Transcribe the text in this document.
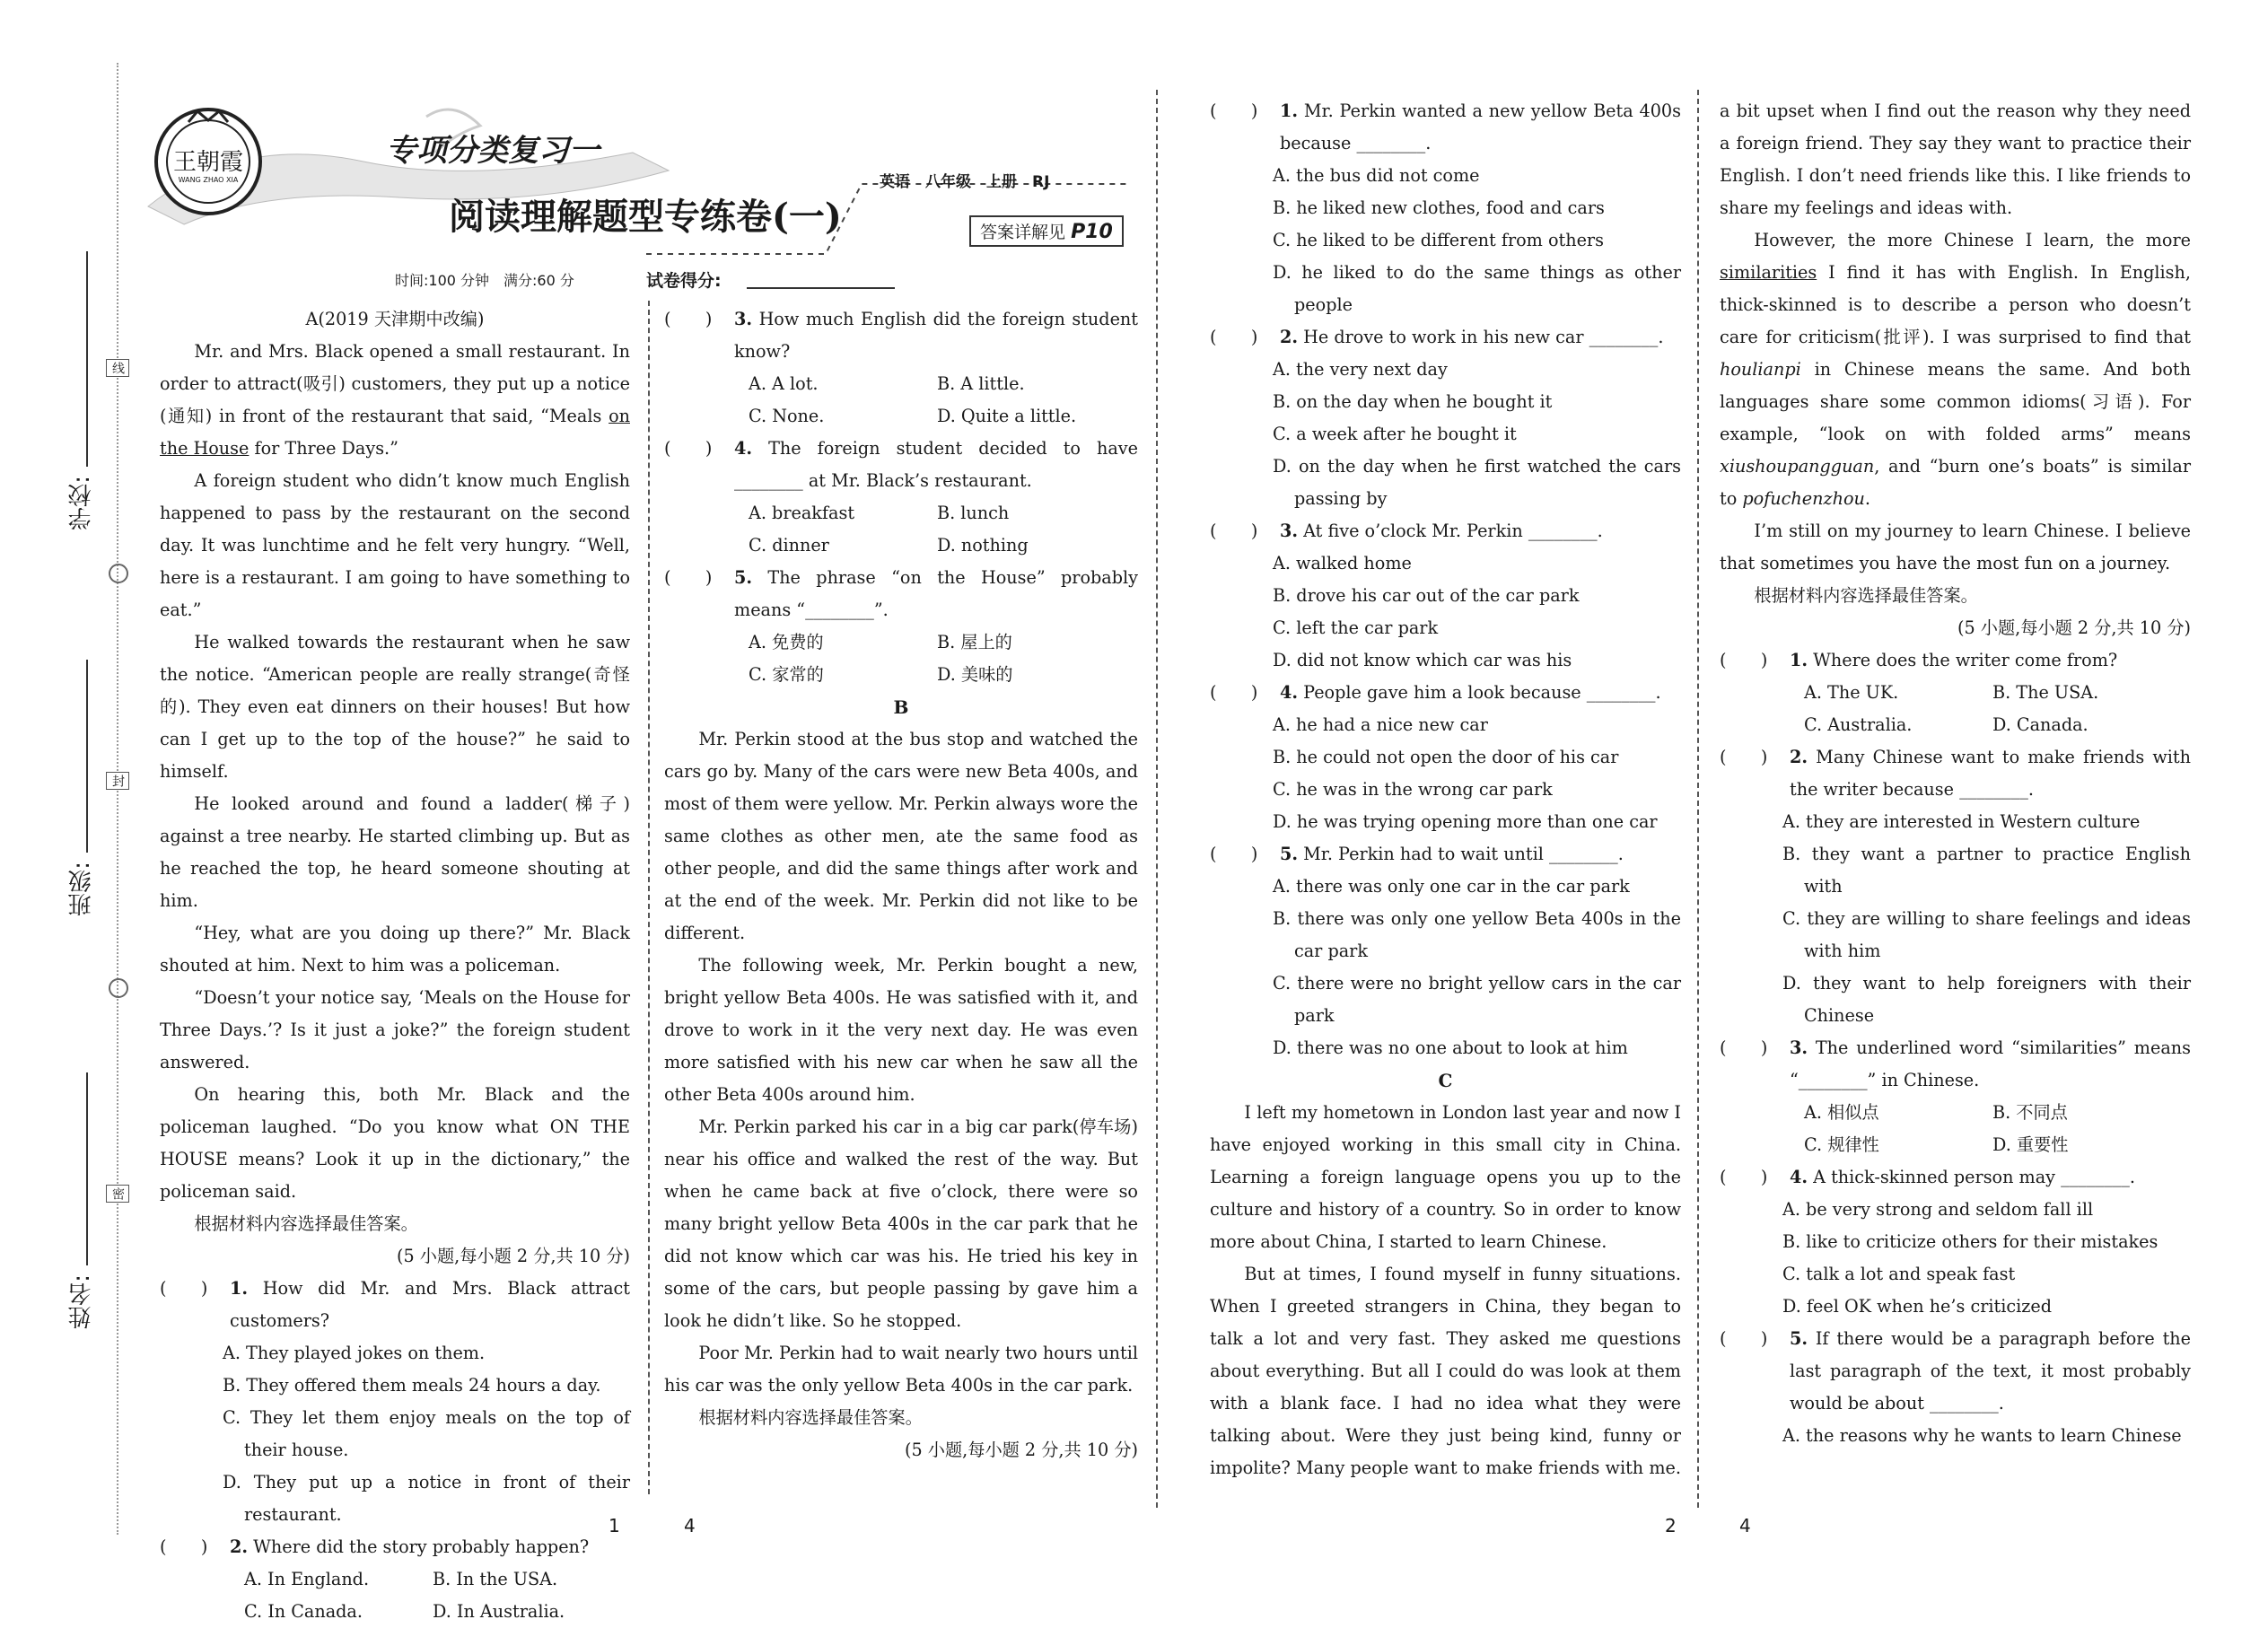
学校:
班级:
姓名:
线
封
密
王朝霞
WANG ZHAO XIA
专项分类复习一
阅读理解题型专练卷(一)
英语　八年级　上册　RJ
答案详解见 P10
时间:100 分钟　满分:60 分	试卷得分:

A(2019 天津期中改编)

Mr. and Mrs. Black opened a small restaurant. In order to attract(吸引) customers, they put up a notice (通知) in front of the restaurant that said, “Meals on the House for Three Days.”

A foreign student who didn’t know much English happened to pass by the restaurant on the second day. It was lunchtime and he felt very hungry. “Well, here is a restaurant. I am going to have something to eat.”

He walked towards the restaurant when he saw the notice. “American people are really strange(奇怪的). They even eat dinners on their houses! But how can I get up to the top of the house?” he said to himself.

He looked around and found a ladder(梯子) against a tree nearby. He started climbing up. But as he reached the top, he heard someone shouting at him.

“Hey, what are you doing up there?” Mr. Black shouted at him. Next to him was a policeman.

“Doesn’t your notice say, ‘Meals on the House for Three Days.’? Is it just a joke?” the foreign student answered.

On hearing this, both Mr. Black and the policeman laughed. “Do you know what ON THE HOUSE means? Look it up in the dictionary,” the policeman said.

根据材料内容选择最佳答案。

(5 小题,每小题 2 分,共 10 分)

(　　) 1. How did Mr. and Mrs. Black attract customers?
A. They played jokes on them.
B. They offered them meals 24 hours a day.
C. They let them enjoy meals on the top of their house.
D. They put up a notice in front of their restaurant.
(　　) 2. Where did the story probably happen?
A. In England.	B. In the USA.
C. In Canada.	D. In Australia.
(　　) 3. How much English did the foreign student know?
A. A lot.	B. A little.
C. None.	D. Quite a little.
(　　) 4. The foreign student decided to have ________ at Mr. Black’s restaurant.
A. breakfast	B. lunch
C. dinner	D. nothing
(　　) 5. The phrase “on the House” probably means “________”.
A. 免费的	B. 屋上的
C. 家常的	D. 美味的

B

Mr. Perkin stood at the bus stop and watched the cars go by. Many of the cars were new Beta 400s, and most of them were yellow. Mr. Perkin always wore the same clothes as other men, ate the same food as other people, and did the same things after work and at the end of the week. Mr. Perkin did not like to be different.

The following week, Mr. Perkin bought a new, bright yellow Beta 400s. He was satisfied with it, and drove to work in it the very next day. He was even more satisfied with his new car when he saw all the other Beta 400s around him.

Mr. Perkin parked his car in a big car park(停车场) near his office and walked the rest of the way. But when he came back at five o’clock, there were so many bright yellow Beta 400s in the car park that he did not know which car was his. He tried his key in some of the cars, but people passing by gave him a look he didn’t like. So he stopped.

Poor Mr. Perkin had to wait nearly two hours until his car was the only yellow Beta 400s in the car park.

根据材料内容选择最佳答案。

(5 小题,每小题 2 分,共 10 分)

(　　) 1. Mr. Perkin wanted a new yellow Beta 400s because ________.
A. the bus did not come
B. he liked new clothes, food and cars
C. he liked to be different from others
D. he liked to do the same things as other people
(　　) 2. He drove to work in his new car ________.
A. the very next day
B. on the day when he bought it
C. a week after he bought it
D. on the day when he first watched the cars passing by
(　　) 3. At five o’clock Mr. Perkin ________.
A. walked home
B. drove his car out of the car park
C. left the car park
D. did not know which car was his
(　　) 4. People gave him a look because ________.
A. he had a nice new car
B. he could not open the door of his car
C. he was in the wrong car park
D. he was trying opening more than one car
(　　) 5. Mr. Perkin had to wait until ________.
A. there was only one car in the car park
B. there was only one yellow Beta 400s in the car park
C. there were no bright yellow cars in the car park
D. there was no one about to look at him

C

I left my hometown in London last year and now I have enjoyed working in this small city in China. Learning a foreign language opens you up to the culture and history of a country. So in order to know more about China, I started to learn Chinese.

But at times, I found myself in funny situations. When I greeted strangers in China, they began to talk a lot and very fast. They asked me questions about everything. But all I could do was look at them with a blank face. I had no idea what they were talking about. Were they just being kind, funny or impolite? Many people want to make friends with me.

a bit upset when I find out the reason why they need a foreign friend. They say they want to practice their English. I don’t need friends like this. I like friends to share my feelings and ideas with.

However, the more Chinese I learn, the more similarities I find it has with English. In English, thick-skinned is to describe a person who doesn’t care for criticism(批评). I was surprised to find that houlianpi in Chinese means the same. And both languages share some common idioms(习语). For example, “look on with folded arms” means xiushoupangguan, and “burn one’s boats” is similar to pofuchenzhou.

I’m still on my journey to learn Chinese. I believe that sometimes you have the most fun on a journey.

根据材料内容选择最佳答案。

(5 小题,每小题 2 分,共 10 分)

(　　) 1. Where does the writer come from?
A. The UK.	B. The USA.
C. Australia.	D. Canada.
(　　) 2. Many Chinese want to make friends with the writer because ________.
A. they are interested in Western culture
B. they want a partner to practice English with
C. they are willing to share feelings and ideas with him
D. they want to help foreigners with their Chinese
(　　) 3. The underlined word “similarities” means “________” in Chinese.
A. 相似点	B. 不同点
C. 规律性	D. 重要性
(　　) 4. A thick-skinned person may ________.
A. be very strong and seldom fall ill
B. like to criticize others for their mistakes
C. talk a lot and speak fast
D. feel OK when he’s criticized
(　　) 5. If there would be a paragraph before the last paragraph of the text, it most probably would be about ________.
A. the reasons why he wants to learn Chinese
1	4	2	4
